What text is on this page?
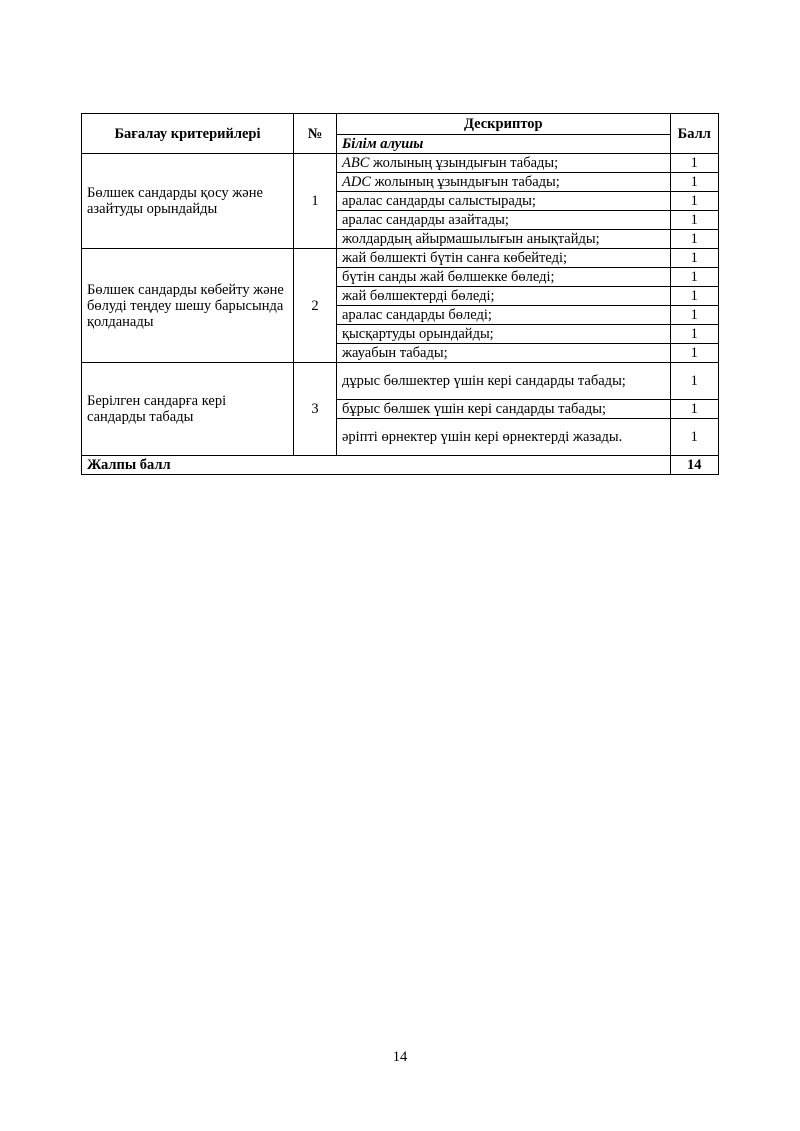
Бағалау критерийлері	№	Дескриптор	Балл
		Білім алушы	
Бөлшек сандарды қосу және азайтуды орындайды	1	ABC жолының ұзындығын табады;	1
		ADC жолының ұзындығын табады;	1
		аралас сандарды салыстырады;	1
		аралас сандарды азайтады;	1
		жолдардың айырмашылығын анықтайды;	1
Бөлшек сандарды көбейту және бөлуді теңдеу шешу барысында қолданады	2	жай бөлшекті бүтін санға көбейтеді;	1
		бүтін санды жай бөлшекке бөледі;	1
		жай бөлшектерді бөледі;	1
		аралас сандарды бөледі;	1
		қысқартуды орындайды;	1
		жауабын табады;	1
Берілген сандарға кері сандарды табады	3	дұрыс бөлшектер үшін кері сандарды табады;	1
		бұрыс бөлшек үшін кері сандарды табады;	1
		әріпті өрнектер үшін кері өрнектерді жазады.	1
Жалпы балл			14
14
